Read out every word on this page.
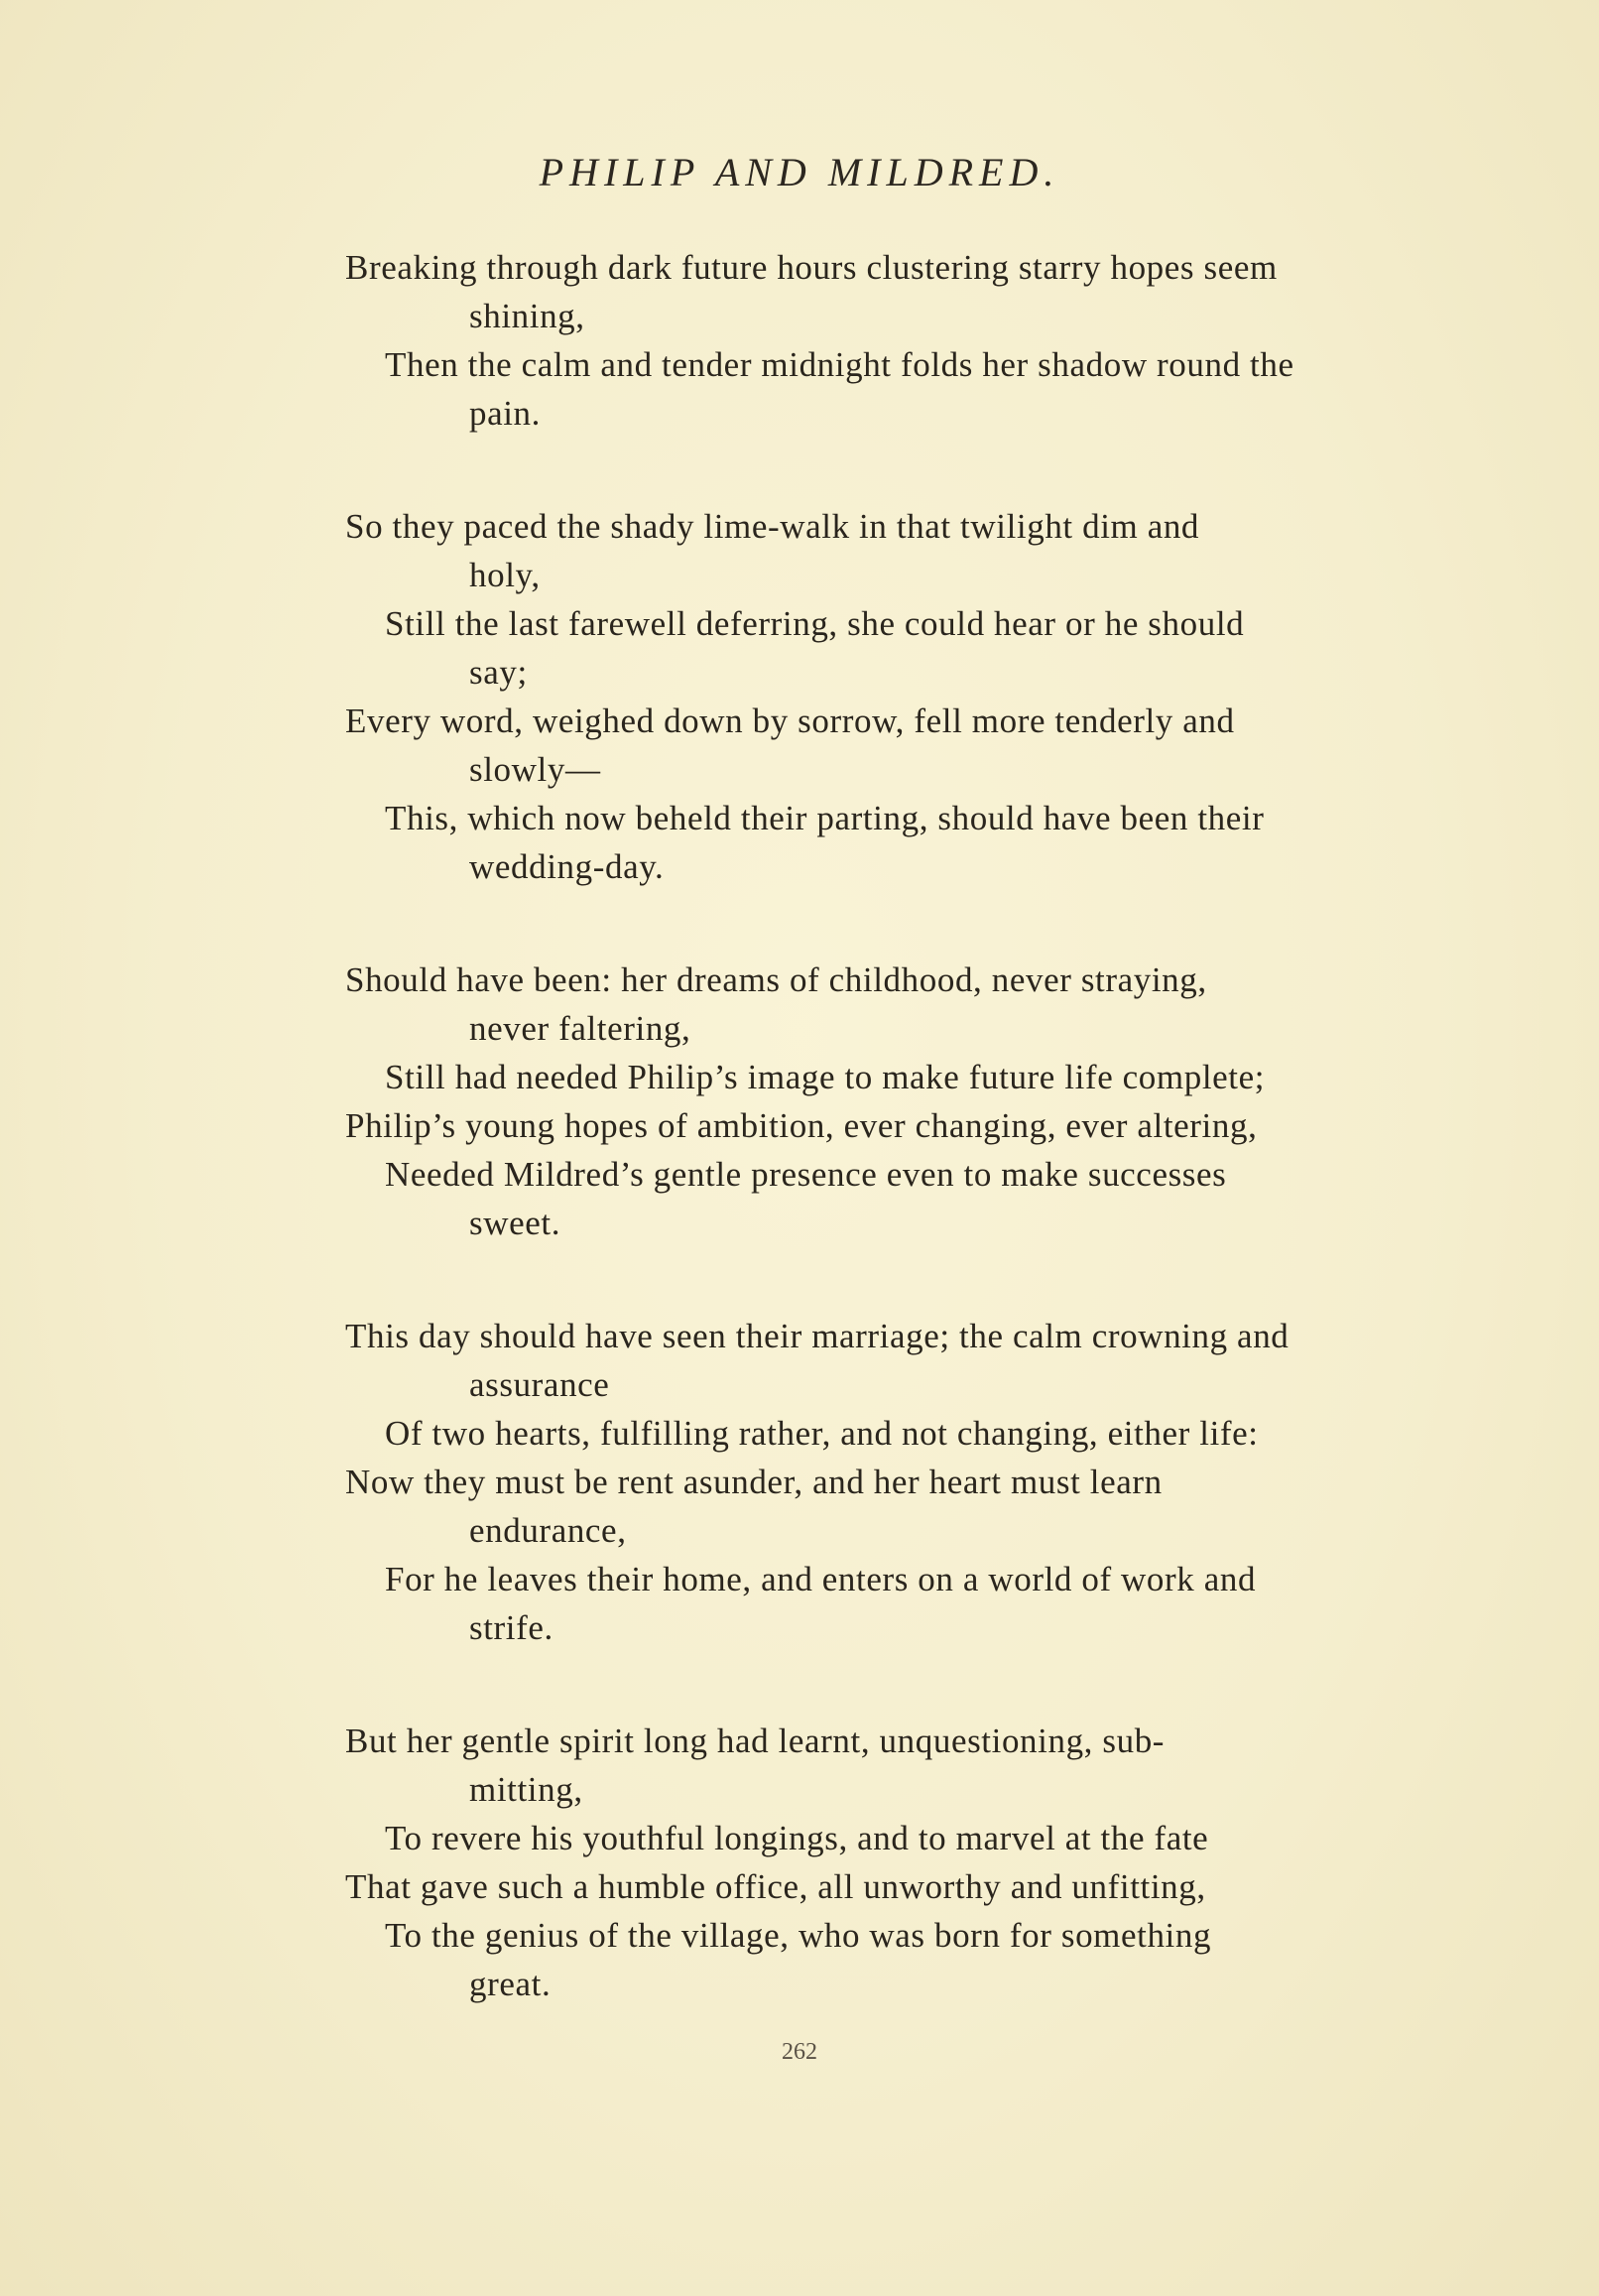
PHILIP AND MILDRED.
Breaking through dark future hours clustering starry hopes seem
shining,
Then the calm and tender midnight folds her shadow round the
pain.
So they paced the shady lime-walk in that twilight dim and
holy,
Still the last farewell deferring, she could hear or he should
say;
Every word, weighed down by sorrow, fell more tenderly and
slowly—
This, which now beheld their parting, should have been their
wedding-day.
Should have been: her dreams of childhood, never straying,
never faltering,
Still had needed Philip’s image to make future life complete;
Philip’s young hopes of ambition, ever changing, ever altering,
Needed Mildred’s gentle presence even to make successes
sweet.
This day should have seen their marriage; the calm crowning and
assurance
Of two hearts, fulfilling rather, and not changing, either life:
Now they must be rent asunder, and her heart must learn
endurance,
For he leaves their home, and enters on a world of work and
strife.
But her gentle spirit long had learnt, unquestioning, sub-
mitting,
To revere his youthful longings, and to marvel at the fate
That gave such a humble office, all unworthy and unfitting,
To the genius of the village, who was born for something
great.
262
